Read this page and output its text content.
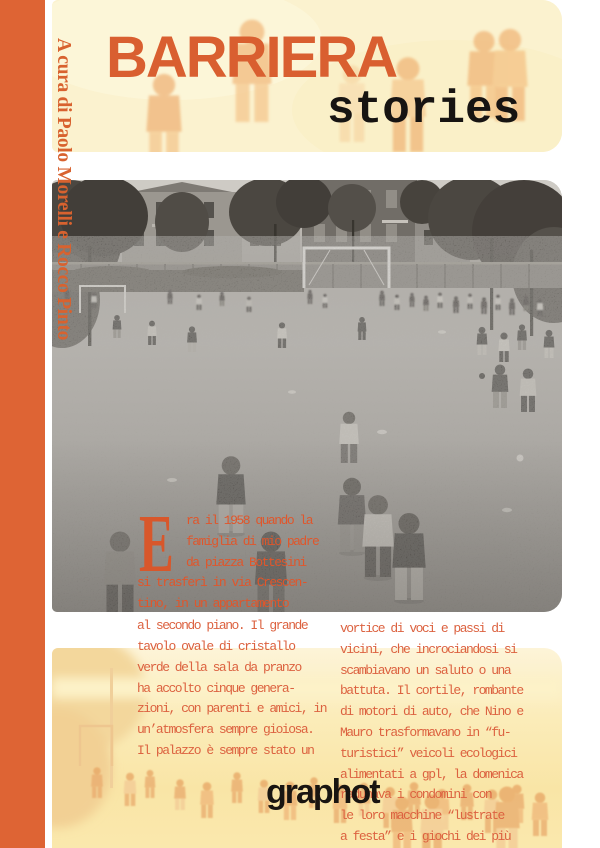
A cura di Paolo Morelli e Rocco Pinto BARRIERA
stories
E ra il 1958 quando la
famiglia di mio padre
da piazza Bottesini
si trasferì in via Crescen-
tino, in un appartamento
al secondo piano. Il grande
tavolo ovale di cristallo
verde della sala da pranzo
ha accolto cinque genera-
zioni, con parenti e amici, in
un’atmosfera sempre gioiosa.
Il palazzo è sempre stato un
vortice di voci e passi di
vicini, che incrociandosi si
scambiavano un saluto o una
battuta. Il cortile, rombante
di motori di auto, che Nino e
Mauro trasformavano in “fu-
turistici” veicoli ecologici
alimentati a gpl, la domenica
radunava i condomini con
le loro macchine “lustrate
a festa” e i giochi dei più
graphot
